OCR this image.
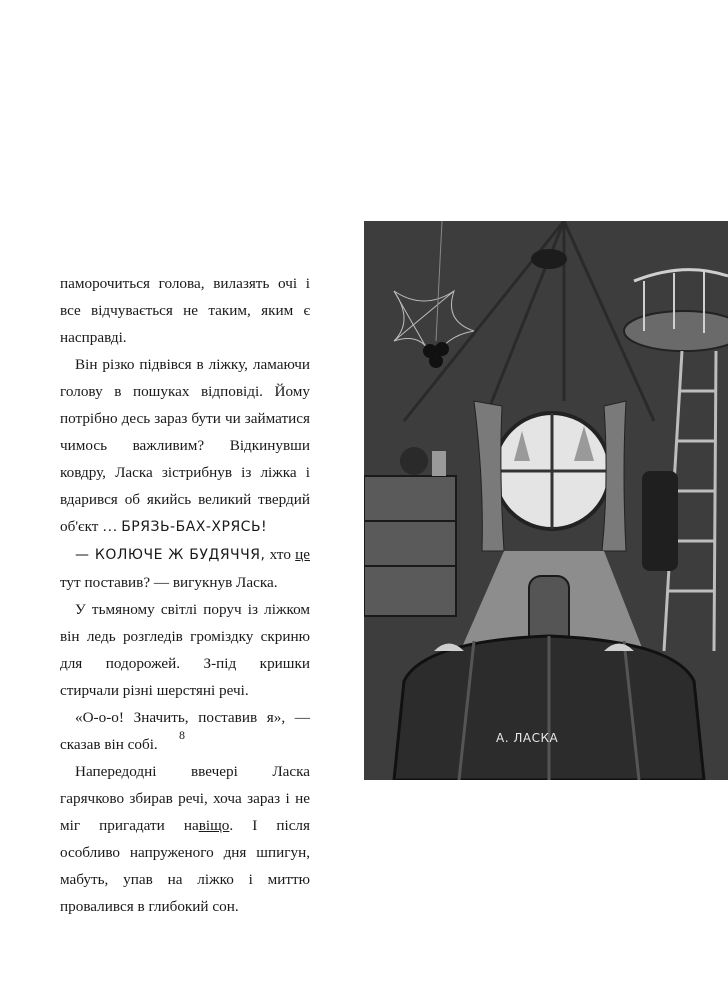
паморочиться голова, вилазять очі і все відчувається не таким, яким є насправді.

Він різко підвівся в ліжку, ламаючи голову в пошуках відповіді. Йому потрібно десь зараз бути чи займатися чимось важливим? Відкинувши ковдру, Ласка зістрибнув із ліжка і вдарився об якийсь великий твердий об'єкт … БРЯЗЬ-БАХ-ХРЯСЬ!

— КОЛЮЧЕ Ж БУДЯЧЧЯ, хто це тут поставив? — вигукнув Ласка.

У тьмяному світлі поруч із ліжком він ледь розгледів громіздку скриню для подорожей. З-під кришки стирчали різні шерстяні речі.

«О-о-о! Значить, поставив я», — сказав він собі.

Напередодні ввечері Ласка гарячково збирав речі, хоча зараз і не міг пригадати навіщо. І після особливо напруженого дня шпигун, мабуть, упав на ліжко і миттю провалився в глибокий сон.

8	А. ЛАСКА
